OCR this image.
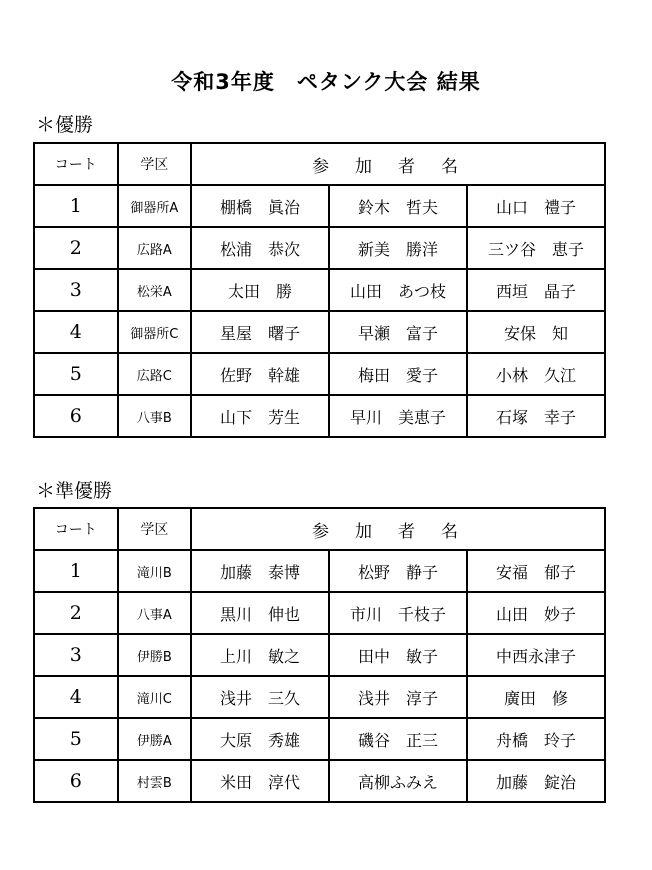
令和3年度　ペタンク大会 結果
＊優勝
コート	学区	参加者名		
1	御器所A	棚橋　眞治	鈴木　哲夫	山口　禮子
2	広路A	松浦　恭次	新美　勝洋	三ツ谷　恵子
3	松栄A	太田　勝	山田　あつ枝	西垣　晶子
4	御器所C	星屋　曙子	早瀬　富子	安保　知
5	広路C	佐野　幹雄	梅田　愛子	小林　久江
6	八事B	山下　芳生	早川　美恵子	石塚　幸子
＊準優勝
コート	学区	参加者名		
1	滝川B	加藤　泰博	松野　静子	安福　郁子
2	八事A	黒川　伸也	市川　千枝子	山田　妙子
3	伊勝B	上川　敏之	田中　敏子	中西永津子
4	滝川C	浅井　三久	浅井　淳子	廣田　修
5	伊勝A	大原　秀雄	磯谷　正三	舟橋　玲子
6	村雲B	米田　淳代	高柳ふみえ	加藤　錠治
